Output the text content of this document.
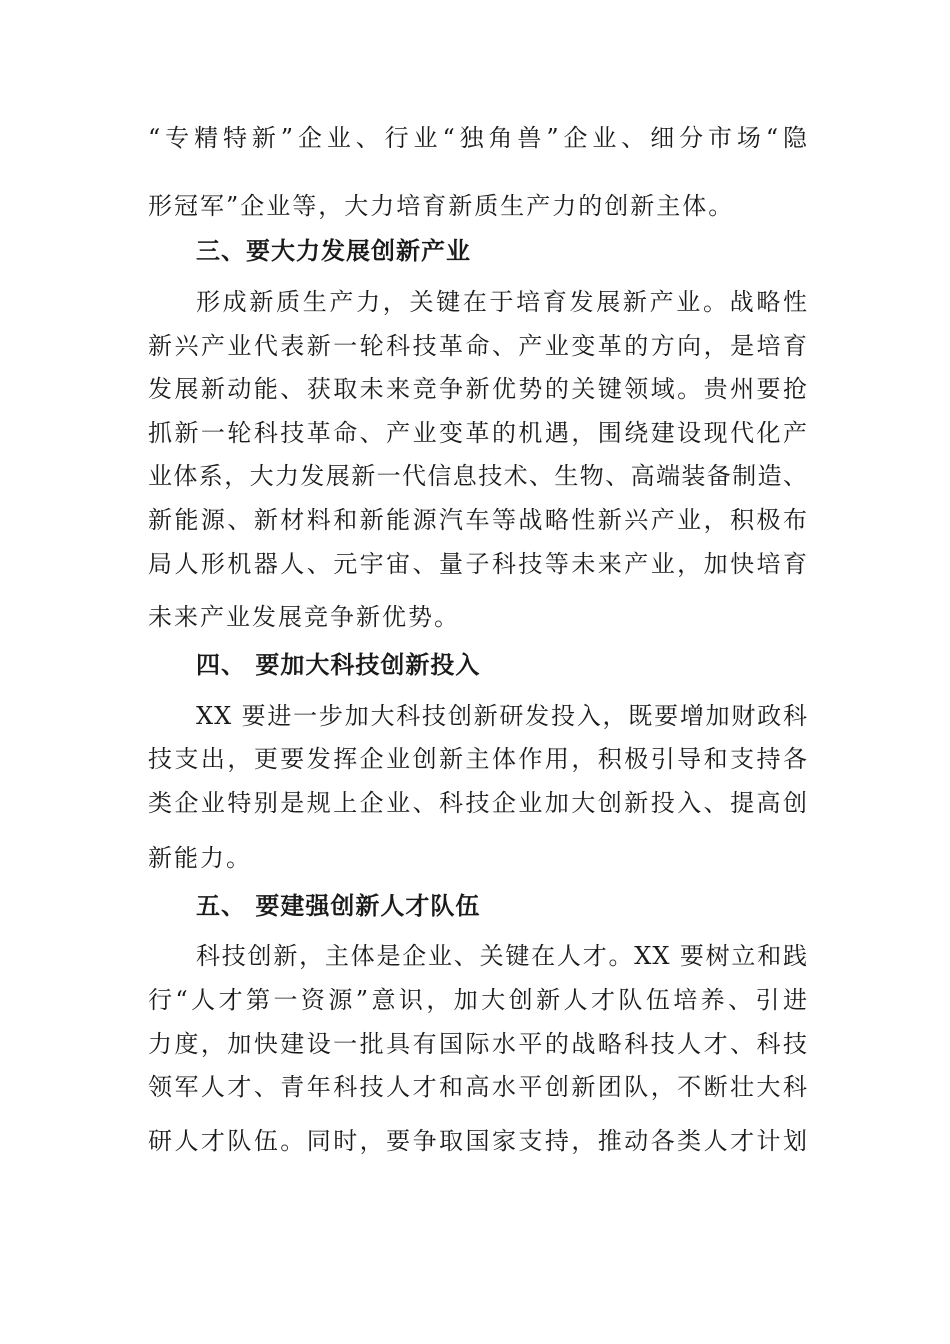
“专精特新”企业、行业“独角兽”企业、细分市场“隐
形冠军”企业等，大力培育新质生产力的创新主体。
三、要大力发展创新产业
形成新质生产力，关键在于培育发展新产业。战略性
新兴产业代表新一轮科技革命、产业变革的方向，是培育
发展新动能、获取未来竞争新优势的关键领域。贵州要抢
抓新一轮科技革命、产业变革的机遇，围绕建设现代化产
业体系，大力发展新一代信息技术、生物、高端装备制造、
新能源、新材料和新能源汽车等战略性新兴产业，积极布
局人形机器人、元宇宙、量子科技等未来产业，加快培育
未来产业发展竞争新优势。
四、 要加大科技创新投入
XX 要进一步加大科技创新研发投入，既要增加财政科
技支出，更要发挥企业创新主体作用，积极引导和支持各
类企业特别是规上企业、科技企业加大创新投入、提高创
新能力。
五、 要建强创新人才队伍
科技创新，主体是企业、关键在人才。XX 要树立和践
行“人才第一资源”意识，加大创新人才队伍培养、引进
力度，加快建设一批具有国际水平的战略科技人才、科技
领军人才、青年科技人才和高水平创新团队，不断壮大科
研人才队伍。同时，要争取国家支持，推动各类人才计划
